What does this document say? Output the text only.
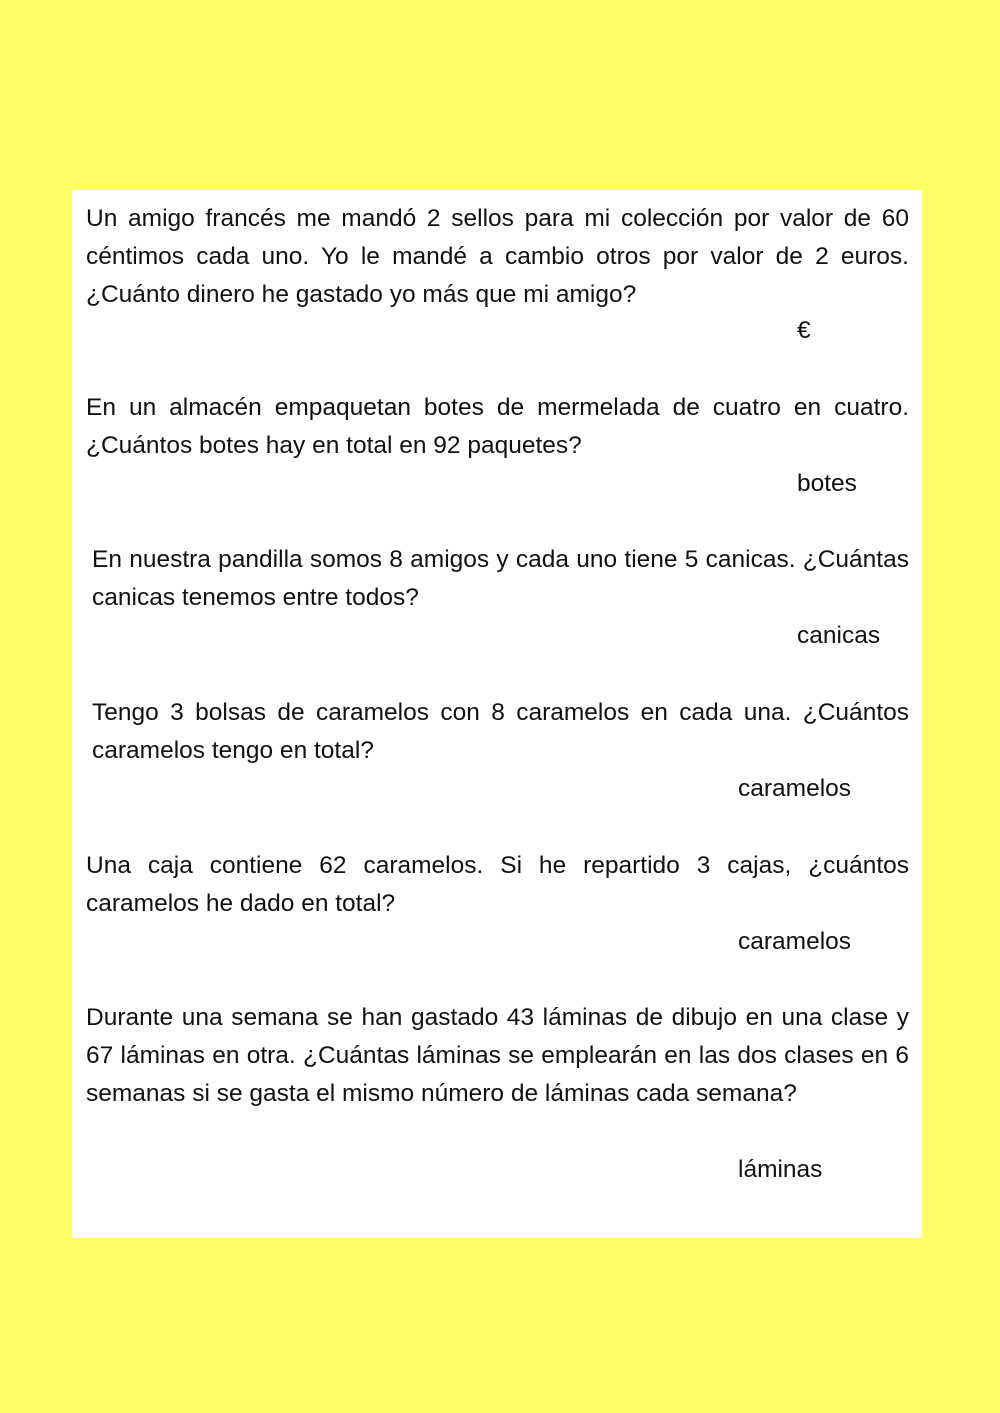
Un amigo francés me mandó 2 sellos para mi colección por valor de 60 céntimos cada uno. Yo le mandé a cambio otros por valor de 2 euros. ¿Cuánto dinero he gastado yo más que mi amigo?

€

En un almacén empaquetan botes de mermelada de cuatro en cuatro. ¿Cuántos botes hay en total en 92 paquetes?

botes

En nuestra pandilla somos 8 amigos y cada uno tiene 5 canicas. ¿Cuántas canicas tenemos entre todos?

canicas

Tengo 3 bolsas de caramelos con 8 caramelos en cada una. ¿Cuántos caramelos tengo en total?

caramelos

Una caja contiene 62 caramelos. Si he repartido 3 cajas, ¿cuántos caramelos he dado en total?

caramelos

Durante una semana se han gastado 43 láminas de dibujo en una clase y 67 láminas en otra. ¿Cuántas láminas se emplearán en las dos clases en 6 semanas si se gasta el mismo número de láminas cada semana?

láminas
